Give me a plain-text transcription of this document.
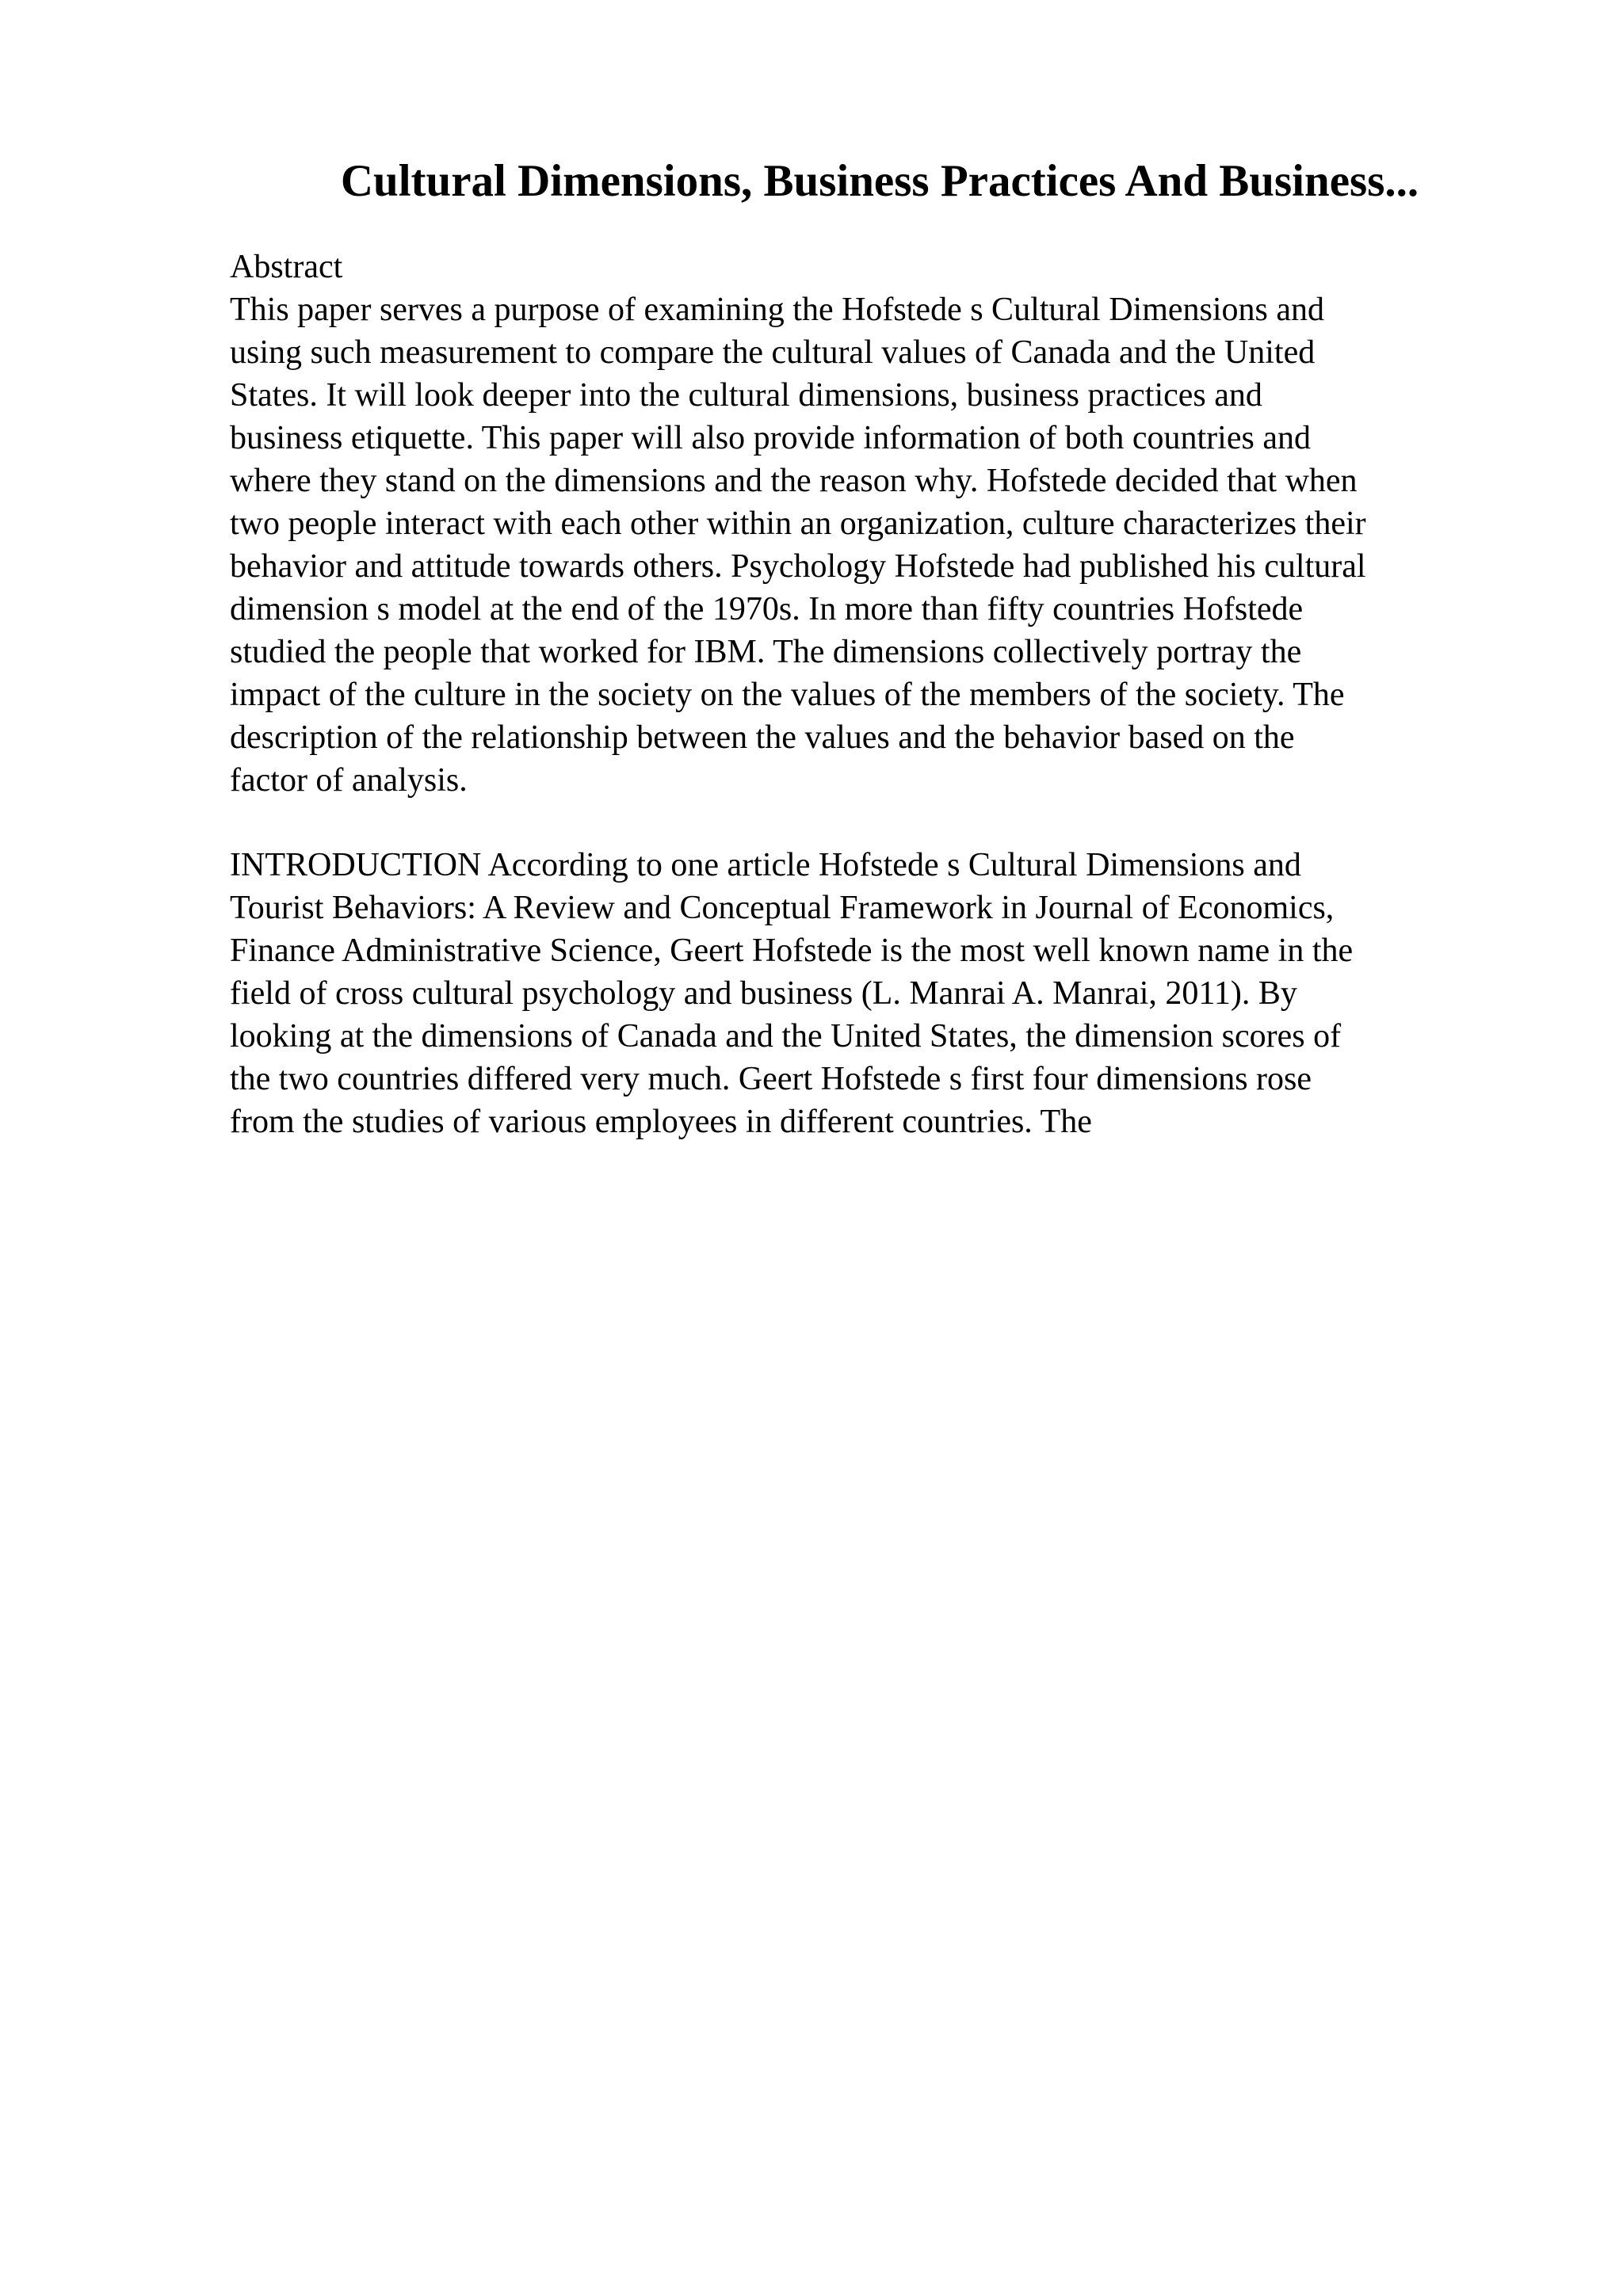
Cultural Dimensions, Business Practices And Business...
Abstract
This paper serves a purpose of examining the Hofstede s Cultural Dimensions and
using such measurement to compare the cultural values of Canada and the United
States. It will look deeper into the cultural dimensions, business practices and
business etiquette. This paper will also provide information of both countries and
where they stand on the dimensions and the reason why. Hofstede decided that when
two people interact with each other within an organization, culture characterizes their
behavior and attitude towards others. Psychology Hofstede had published his cultural
dimension s model at the end of the 1970s. In more than fifty countries Hofstede
studied the people that worked for IBM. The dimensions collectively portray the
impact of the culture in the society on the values of the members of the society. The
description of the relationship between the values and the behavior based on the
factor of analysis.
INTRODUCTION According to one article Hofstede s Cultural Dimensions and
Tourist Behaviors: A Review and Conceptual Framework in Journal of Economics,
Finance Administrative Science, Geert Hofstede is the most well known name in the
field of cross cultural psychology and business (L. Manrai A. Manrai, 2011). By
looking at the dimensions of Canada and the United States, the dimension scores of
the two countries differed very much. Geert Hofstede s first four dimensions rose
from the studies of various employees in different countries. The
